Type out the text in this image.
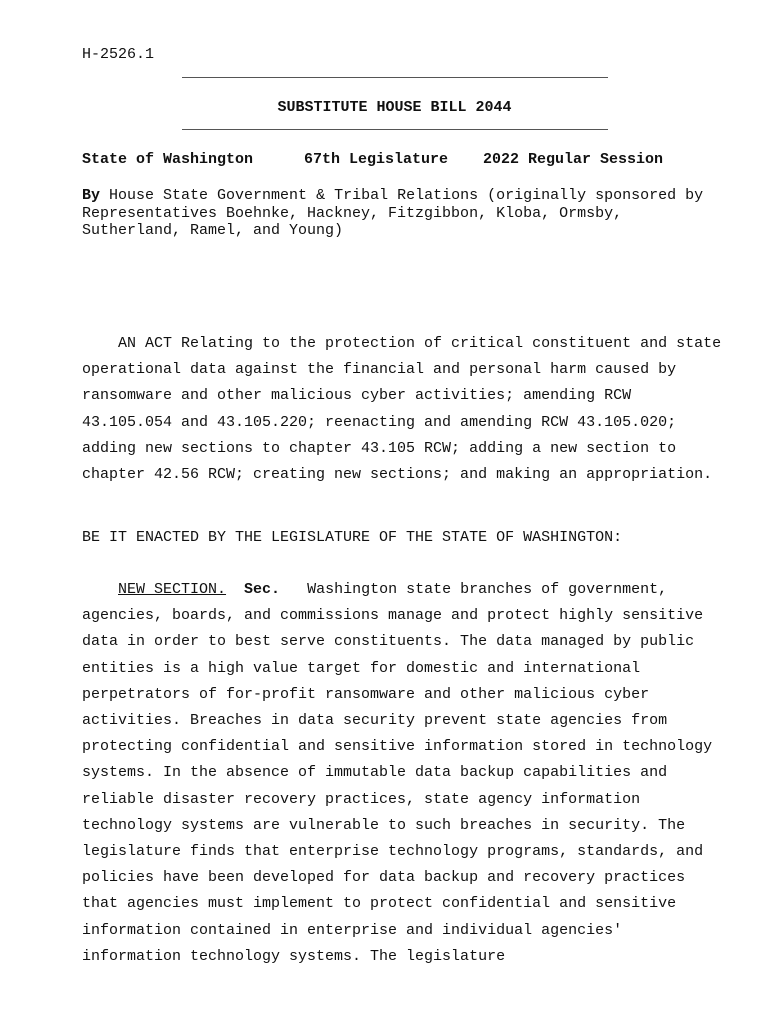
H-2526.1
SUBSTITUTE HOUSE BILL 2044

State of Washington

	67th Legislature

2022 Regular Session

By House State Government & Tribal Relations (originally sponsored by Representatives Boehnke, Hackney, Fitzgibbon, Kloba, Ormsby, Sutherland, Ramel, and Young)
AN ACT Relating to the protection of critical constituent and state operational data against the financial and personal harm caused by ransomware and other malicious cyber activities; amending RCW 43.105.054 and 43.105.220; reenacting and amending RCW 43.105.020; adding new sections to chapter 43.105 RCW; adding a new section to chapter 42.56 RCW; creating new sections; and making an appropriation.
BE IT ENACTED BY THE LEGISLATURE OF THE STATE OF WASHINGTON:
NEW SECTION. Sec. Washington state branches of government, agencies, boards, and commissions manage and protect highly sensitive data in order to best serve constituents. The data managed by public entities is a high value target for domestic and international perpetrators of for-profit ransomware and other malicious cyber activities. Breaches in data security prevent state agencies from protecting confidential and sensitive information stored in technology systems. In the absence of immutable data backup capabilities and reliable disaster recovery practices, state agency information technology systems are vulnerable to such breaches in security. The legislature finds that enterprise technology programs, standards, and policies have been developed for data backup and recovery practices that agencies must implement to protect confidential and sensitive information contained in enterprise and individual agencies' information technology systems. The legislature
